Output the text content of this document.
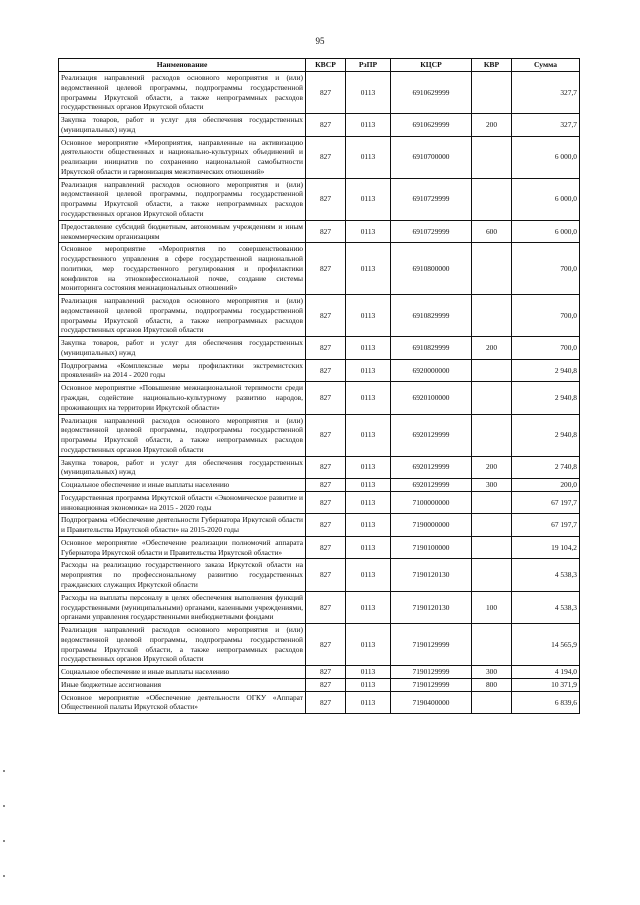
95
Наименование	КВСР	РзПР	КЦСР	КВР	Сумма
Реализация направлений расходов основного мероприятия и (или) ведомственной целевой программы, подпрограммы государственной программы Иркутской области, а также непрограммных расходов государственных органов Иркутской области	827	0113	6910629999		327,7
Закупка товаров, работ и услуг для обеспечения государственных (муниципальных) нужд	827	0113	6910629999	200	327,7
Основное мероприятие «Мероприятия, направленные на активизацию деятельности общественных и национально-культурных объединений и реализации инициатив по сохранению национальной самобытности Иркутской области и гармонизация межэтнических отношений»	827	0113	6910700000		6 000,0
Реализация направлений расходов основного мероприятия и (или) ведомственной целевой программы, подпрограммы государственной программы Иркутской области, а также непрограммных расходов государственных органов Иркутской области	827	0113	6910729999		6 000,0
Предоставление субсидий бюджетным, автономным учреждениям и иным некоммерческим организациям	827	0113	6910729999	600	6 000,0
Основное мероприятие «Мероприятия по совершенствованию государственного управления в сфере государственной национальной политики, мер государственного регулирования и профилактики конфликтов на этноконфессиональной почве, создание системы мониторинга состояния межнациональных отношений»	827	0113	6910800000		700,0
Реализация направлений расходов основного мероприятия и (или) ведомственной целевой программы, подпрограммы государственной программы Иркутской области, а также непрограммных расходов государственных органов Иркутской области	827	0113	6910829999		700,0
Закупка товаров, работ и услуг для обеспечения государственных (муниципальных) нужд	827	0113	6910829999	200	700,0
Подпрограмма «Комплексные меры профилактики экстремистских проявлений» на 2014 - 2020 годы	827	0113	6920000000		2 940,8
Основное мероприятие «Повышение межнациональной терпимости среди граждан, содействие национально-культурному развитию народов, проживающих на территории Иркутской области»	827	0113	6920100000		2 940,8
Реализация направлений расходов основного мероприятия и (или) ведомственной целевой программы, подпрограммы государственной программы Иркутской области, а также непрограммных расходов государственных органов Иркутской области	827	0113	6920129999		2 940,8
Закупка товаров, работ и услуг для обеспечения государственных (муниципальных) нужд	827	0113	6920129999	200	2 740,8
Социальное обеспечение и иные выплаты населению	827	0113	6920129999	300	200,0
Государственная программа Иркутской области «Экономическое развитие и инновационная экономика» на 2015 - 2020 годы	827	0113	7100000000		67 197,7
Подпрограмма «Обеспечение деятельности Губернатора Иркутской области и Правительства Иркутской области» на 2015-2020 годы	827	0113	7190000000		67 197,7
Основное мероприятие «Обеспечение реализации полномочий аппарата Губернатора Иркутской области и Правительства Иркутской области»	827	0113	7190100000		19 104,2
Расходы на реализацию государственного заказа Иркутской области на мероприятия по профессиональному развитию государственных гражданских служащих Иркутской области	827	0113	7190120130		4 538,3
Расходы на выплаты персоналу в целях обеспечения выполнения функций государственными (муниципальными) органами, казенными учреждениями, органами управления государственными внебюджетными фондами	827	0113	7190120130	100	4 538,3
Реализация направлений расходов основного мероприятия и (или) ведомственной целевой программы, подпрограммы государственной программы Иркутской области, а также непрограммных расходов государственных органов Иркутской области	827	0113	7190129999		14 565,9
Социальное обеспечение и иные выплаты населению	827	0113	7190129999	300	4 194,0
Иные бюджетные ассигнования	827	0113	7190129999	800	10 371,9
Основное мероприятие «Обеспечение деятельности ОГКУ «Аппарат Общественной палаты Иркутской области»	827	0113	7190400000		6 839,6
